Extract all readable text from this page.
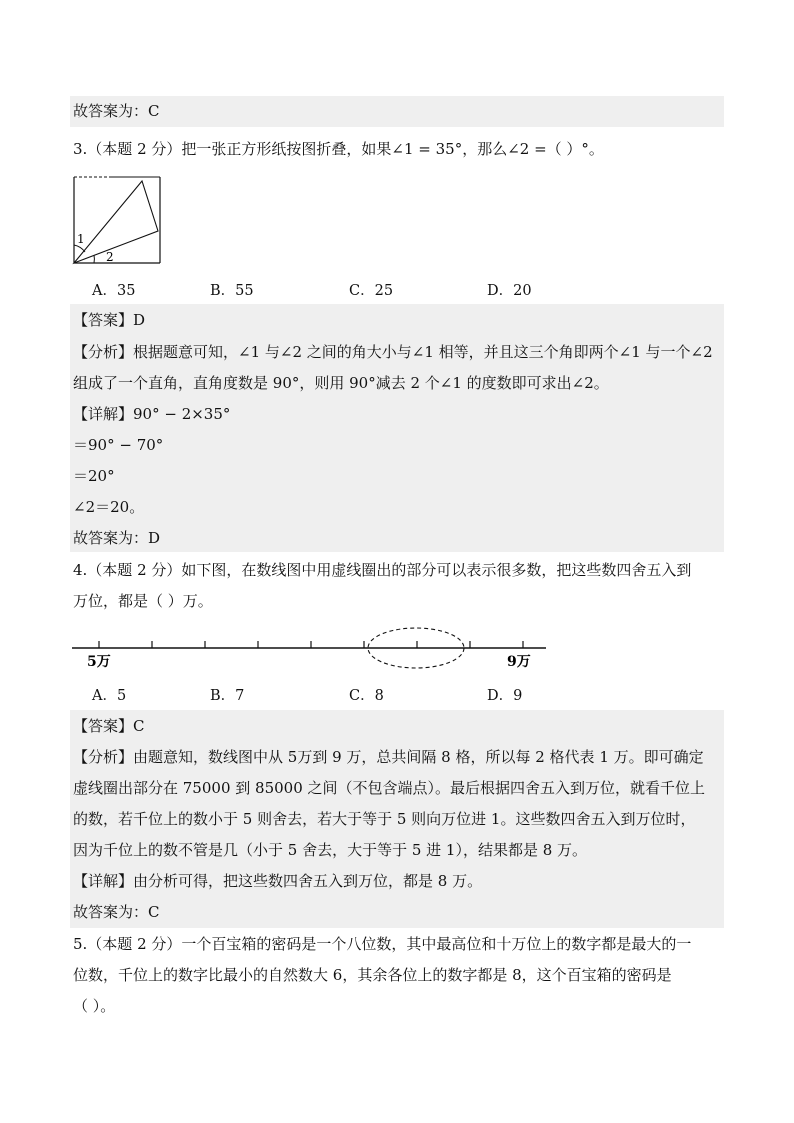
故答案为：C
3.（本题 2 分）把一张正方形纸按图折叠，如果∠1 = 35°，那么∠2 =（ ）°。
1
2
A．35	B．55	C．25	D．20
【答案】D
【分析】根据题意可知，∠1 与∠2 之间的角大小与∠1 相等，并且这三个角即两个∠1 与一个∠2
组成了一个直角，直角度数是 90°，则用 90°减去 2 个∠1 的度数即可求出∠2。
【详解】90° − 2×35°
＝90° − 70°
＝20°
∠2＝20。
故答案为：D
4.（本题 2 分）如下图，在数线图中用虚线圈出的部分可以表示很多数，把这些数四舍五入到
万位，都是（ ）万。
5万	9万
A．5	B．7	C．8	D．9
【答案】C
【分析】由题意知，数线图中从 5万到 9 万，总共间隔 8 格，所以每 2 格代表 1 万。即可确定
虚线圈出部分在 75000 到 85000 之间（不包含端点）。最后根据四舍五入到万位，就看千位上
的数，若千位上的数小于 5 则舍去，若大于等于 5 则向万位进 1。这些数四舍五入到万位时，
因为千位上的数不管是几（小于 5 舍去，大于等于 5 进 1），结果都是 8 万。
【详解】由分析可得，把这些数四舍五入到万位，都是 8 万。
故答案为：C
5.（本题 2 分）一个百宝箱的密码是一个八位数，其中最高位和十万位上的数字都是最大的一
位数，千位上的数字比最小的自然数大 6，其余各位上的数字都是 8，这个百宝箱的密码是
（ ）。
